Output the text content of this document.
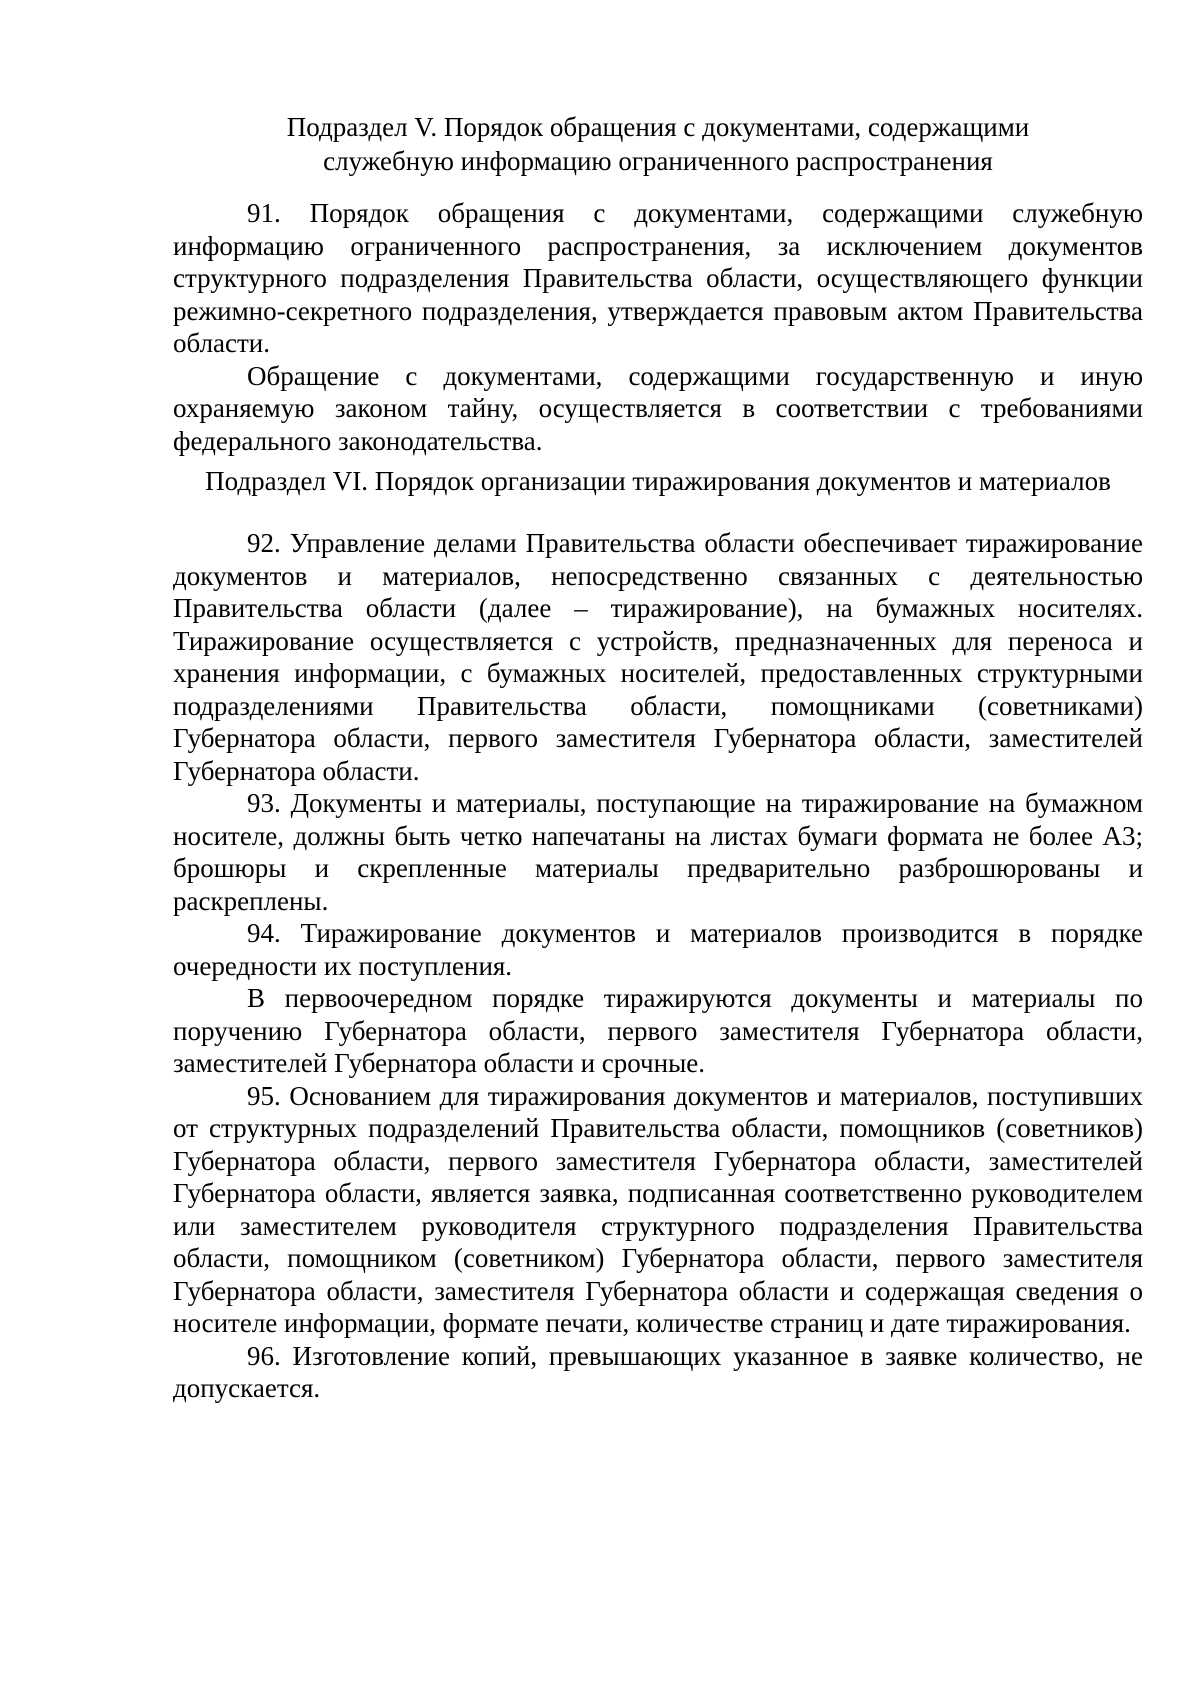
Подраздел V. Порядок обращения с документами, содержащими
служебную информацию ограниченного распространения

91. Порядок обращения с документами, содержащими служебную информацию ограниченного распространения, за исключением документов структурного подразделения Правительства области, осуществляющего функции режимно-секретного подразделения, утверждается правовым актом Правительства области.

Обращение с документами, содержащими государственную и иную охраняемую законом тайну, осуществляется в соответствии с требованиями федерального законодательства.

Подраздел VI. Порядок организации тиражирования документов и материалов

92. Управление делами Правительства области обеспечивает тиражирование документов и материалов, непосредственно связанных с деятельностью Правительства области (далее – тиражирование), на бумажных носителях. Тиражирование осуществляется с устройств, предназначенных для переноса и хранения информации, с бумажных носителей, предоставленных структурными подразделениями Правительства области, помощниками (советниками) Губернатора области, первого заместителя Губернатора области, заместителей Губернатора области.

93. Документы и материалы, поступающие на тиражирование на бумажном носителе, должны быть четко напечатаны на листах бумаги формата не более А3; брошюры и скрепленные материалы предварительно разброшюрованы и раскреплены.

94. Тиражирование документов и материалов производится в порядке очередности их поступления.

В первоочередном порядке тиражируются документы и материалы по поручению Губернатора области, первого заместителя Губернатора области, заместителей Губернатора области и срочные.

95. Основанием для тиражирования документов и материалов, поступивших от структурных подразделений Правительства области, помощников (советников) Губернатора области, первого заместителя Губернатора области, заместителей Губернатора области, является заявка, подписанная соответственно руководителем или заместителем руководителя структурного подразделения Правительства области, помощником (советником) Губернатора области, первого заместителя Губернатора области, заместителя Губернатора области и содержащая сведения о носителе информации, формате печати, количестве страниц и дате тиражирования.

96. Изготовление копий, превышающих указанное в заявке количество, не допускается.
